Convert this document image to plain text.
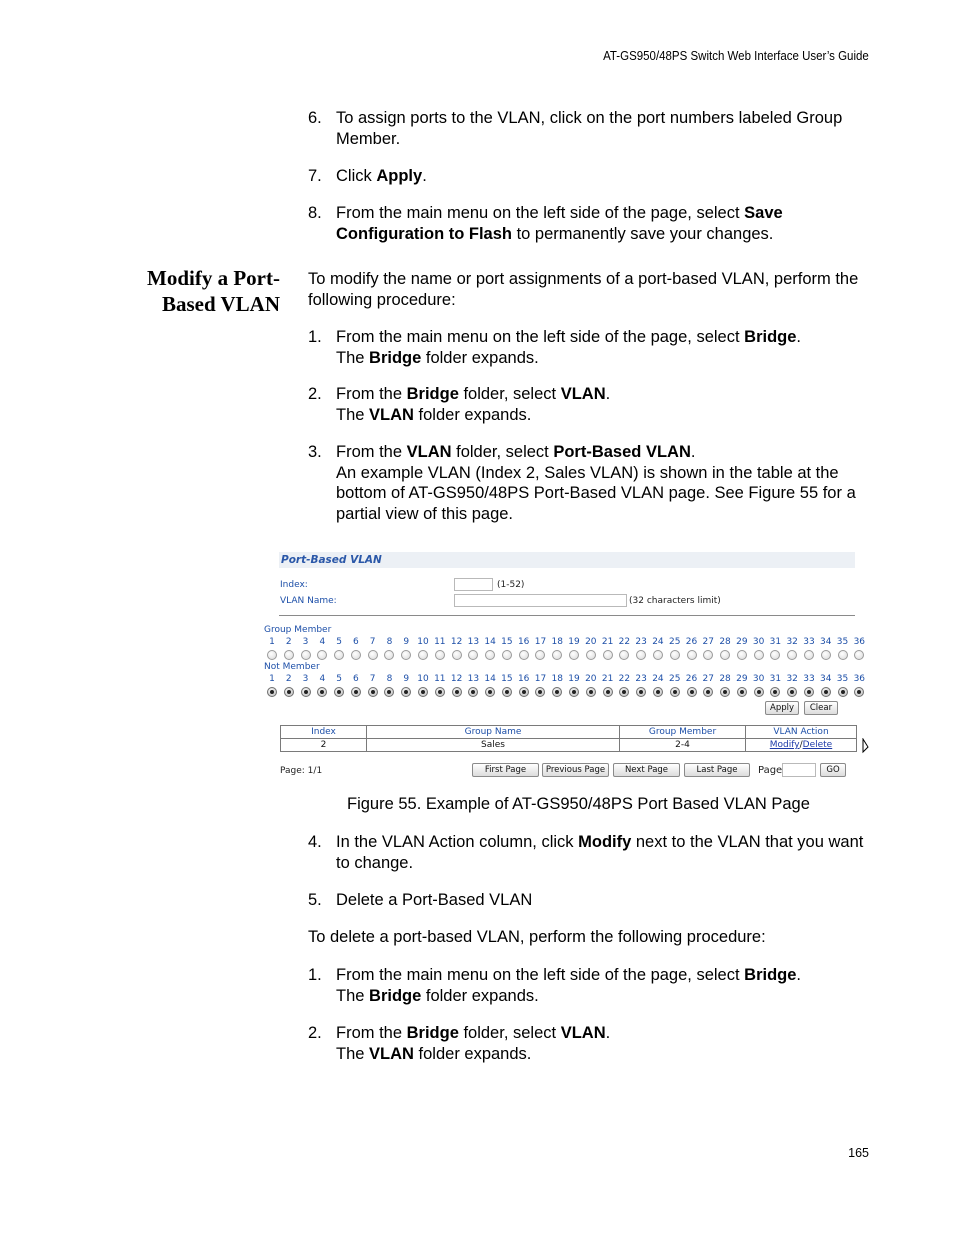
AT-GS950/48PS Switch Web Interface User’s Guide
6. To assign ports to the VLAN, click on the port numbers labeled Group Member.
7. Click Apply.
8. From the main menu on the left side of the page, select Save Configuration to Flash to permanently save your changes.
Modify a Port-
Based VLAN
To modify the name or port assignments of a port-based VLAN, perform the following procedure:
1. From the main menu on the left side of the page, select Bridge.
The Bridge folder expands.
2. From the Bridge folder, select VLAN.
The VLAN folder expands.
3. From the VLAN folder, select Port-Based VLAN.
An example VLAN (Index 2, Sales VLAN) is shown in the table at the bottom of AT-GS950/48PS Port-Based VLAN page. See Figure 55 for a partial view of this page.
Port-Based VLAN
Index:	(1-52)
VLAN Name:	(32 characters limit)
Group Member
1	2	3	4	5	6	7	8	9 10 11 12 13 14 15 16 17 18 19 20 21 22 23 24 25 26 27 28 29 30 31 32 33 34 35 36
Not Member
1	2	3	4	5	6	7	8	9 10 11 12 13 14 15 16 17 18 19 20 21 22 23 24 25 26 27 28 29 30 31 32 33 34 35 36
Apply	Clear
Index	Group Name	Group Member	VLAN Action
2	Sales	2-4	Modify/Delete
Page: 1/1	First Page	Previous Page	Next Page	Last Page	Page	GO
Figure 55. Example of AT-GS950/48PS Port Based VLAN Page
4. In the VLAN Action column, click Modify next to the VLAN that you want to change.
5. Delete a Port-Based VLAN
To delete a port-based VLAN, perform the following procedure:
1. From the main menu on the left side of the page, select Bridge.
The Bridge folder expands.
2. From the Bridge folder, select VLAN.
The VLAN folder expands.
165
